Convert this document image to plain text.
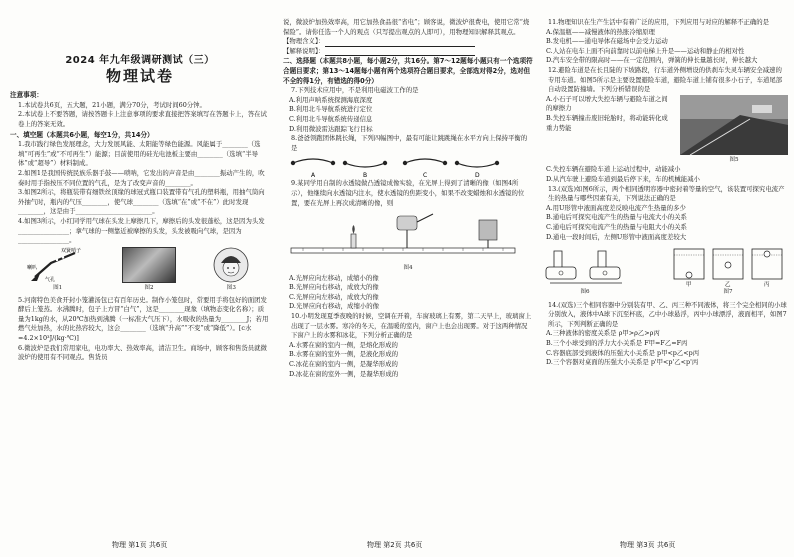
2024 年九年级调研测试（三）
物理试卷
注意事项：

1.本试卷共6页，五大题，21小题，满分70分，考试时间60分钟。

2.本试卷上不要答题，请按答题卡上注意事项的要求直接把答案填写在答题卡上，答在试卷上的答案无效。

一、填空题（本题共6小题，每空1分，共14分）

1.我市践行绿色发展理念，大力发展风能、太阳能等绿色能源。风能属于________（选填“可再生”或“不可再生”）能源；目前使用的硅光电池板主要由________（选填“半导体”或“超导”）材料制成。

2.如图1是我国传统民族乐器手鼓——唢呐，它发出的声音是由________振动产生的，吹奏时用手指按压不同位置的气孔，是为了改变声音的________。

3.如图2所示，将瓶装带有细铁丝顶缘的球冠式瓶口装置带有气孔的塑料瓶，用抽气筒向外抽气时，瓶内的气压________，使气球________（选填“在”或“不在”）此时发现________，这是由于________________________。

4.如图3所示，小红同学用气球在头发上摩擦几下，摩擦后的头发很蓬松，这是因为头发________________；拿气球的一侧靠近被摩擦的头发，头发被吸向气球，是因为________________。

双簧哨子
气孔
喇叭
图1	图2	图3

5.河南特色美食开封小笼灌汤包已有百年历史。制作小笼包时，常要用手将包好的面团发酵后上笼蒸。水沸腾时，包子上方冒“白气”，这是________现象（填物态变化名称）；质量为1kg的水，从20℃加热到沸腾（一标准大气压下），水吸收的热量为________J；若用燃气灶加热，水的比热容较大，这会________（选填“升高”“不变”或“降低”）。[c水=4.2×10³J/(kg·℃)]

6.微波炉是我们常用家电，电功率大、热效率高，清洁卫生。商场中，顾客和售货员就微波炉的使用有不同观点。售货员

说，微波炉加热效率高，用它加热食品很“省电”；顾客说，微波炉很费电，使用它常“烧保险”。请你任选一个人的观点（只写提出观点的人即可），用物理知识解释其观点。

【物理含义】：

【解释说明】：

二、选择题（本题共8小题，每小题2分，共16分。第7～12题每小题只有一个选项符合题目要求；第13～14题每小题有两个选项符合题目要求，全部选对得2分，选对但不全的得1分，有错选的得0分）

7.下列技术应用中，不是利用电磁波工作的是

A.利用声呐系统探测海底深度

B.利用北斗导航系统进行定位

C.利用北斗导航系统传递信息

D.利用微波雷达跟踪飞行目标

8.爸爸领跑团体跳长绳，下列四幅图中，最有可能让跳跳绳在水平方向上保持平衡的是

A	B	C	D

9.某同学用自制的水透镜做凸透镜成像实验，在光屏上得到了清晰的像（如图4所示），他继续向水透镜内注水，使水透镜的焦距变小，如果不改变蜡烛和水透镜的位置，要在光屏上再次成清晰的像，则

图4

A.光屏应向左移动，成缩小的像

B.光屏应向右移动，成放大的像

C.光屏应向左移动，成放大的像

D.光屏应向右移动，成缩小的像

10.小明发现夏季夜晚的时候，空调在开着，车窗玻璃上有雾，第二天早上，玻璃窗上出现了一层水雾。寒冷的冬天，在温暖的室内，窗户上也会出现雾。对于这两种情况下窗户上的水雾和冰花，下列分析正确的是

A.水雾在窗的室内一侧，是熔化形成的

B.水雾在窗的室外一侧，是液化形成的

C.冰花在窗的室内一侧，是凝华形成的

D.冰花在窗的室外一侧，是凝华形成的

11.物理知识在生产生活中有着广泛的应用，下列应用与对应的解释不正确的是

A.保温瓶——减慢液体的热胀冷缩原理

B.发电机——通电导体在磁场中会受力运动

C.人站在电车上面不向前靠时以前电梯上升是——运动和静止的相对性

D.汽车安全带的限高时——在一定范围内，弹簧的伸长量越长时，伸长越大

12.避险车道是在长且陡的下坡路段，行车道外侧增设的供刹车失灵车辆安全减速的专用车道。如图5所示是主要设置避险车道，避险车道上铺有很多小石子，车道尾部自动设置防撞墙。下列分析错误的是

A.小石子可以增大失控车辆与避险车道之间的摩擦力

B.失控车辆撞击废旧轮胎时，将动能转化成重力势能

图5

C.失控车辆在避险车道上运动过程中，动能减小

D.从汽车驶上避险车道到最后停下来，车的机械能减小

13.(双选)如图6所示，两个相同透明容器中密封着等量的空气，该装置可探究电流产生的热量与哪些因素有关，下列说法正确的是

A.用U形管中液面高度差反映电流产生热量的多少

B.通电后可探究电流产生的热量与电流大小的关系

C.通电后可探究电流产生的热量与电阻大小的关系

D.通电一段时间后，左侧U形管中液面高度差较大

图6
甲	乙	丙
图7

14.(双选)三个相同容器中分别装有甲、乙、丙三种不同液体，将三个完全相同的小球分别放入，液体中A球下沉至杯底，乙中小球悬浮，丙中小球漂浮，液面相平，如图7所示，下列判断正确的是

A.三种液体的密度关系是 ρ甲>ρ乙>ρ丙

B.三个小球受到的浮力大小关系是 F甲=F乙=F丙

C.容器底部受到液体的压强大小关系是 p甲<p乙<p丙

D.三个容器对桌面的压强大小关系是 p'甲<p'乙<p'丙

物理 第1页 共6页	物理 第2页 共6页	物理 第3页 共6页
